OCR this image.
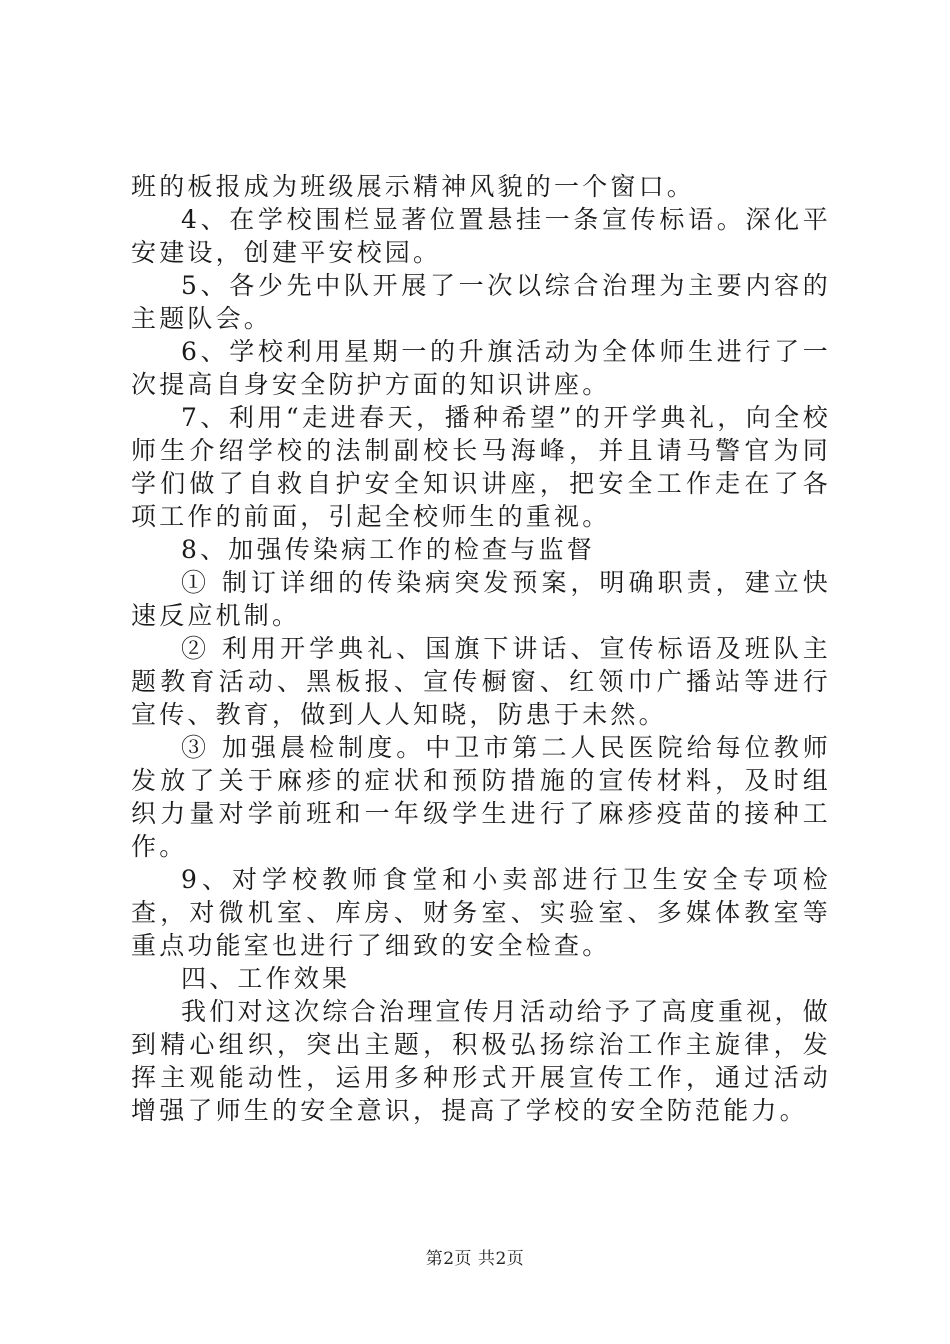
班的板报成为班级展示精神风貌的一个窗口。

4、在学校围栏显著位置悬挂一条宣传标语。深化平安建设，创建平安校园。

5、各少先中队开展了一次以综合治理为主要内容的主题队会。

6、学校利用星期一的升旗活动为全体师生进行了一次提高自身安全防护方面的知识讲座。

7、利用“走进春天，播种希望”的开学典礼，向全校师生介绍学校的法制副校长马海峰，并且请马警官为同学们做了自救自护安全知识讲座，把安全工作走在了各项工作的前面，引起全校师生的重视。

8、加强传染病工作的检查与监督

① 制订详细的传染病突发预案，明确职责，建立快速反应机制。

② 利用开学典礼、国旗下讲话、宣传标语及班队主题教育活动、黑板报、宣传橱窗、红领巾广播站等进行宣传、教育，做到人人知晓，防患于未然。

③ 加强晨检制度。中卫市第二人民医院给每位教师发放了关于麻疹的症状和预防措施的宣传材料，及时组织力量对学前班和一年级学生进行了麻疹疫苗的接种工作。

9、对学校教师食堂和小卖部进行卫生安全专项检查，对微机室、库房、财务室、实验室、多媒体教室等重点功能室也进行了细致的安全检查。

四、工作效果

我们对这次综合治理宣传月活动给予了高度重视，做到精心组织，突出主题，积极弘扬综治工作主旋律，发挥主观能动性，运用多种形式开展宣传工作，通过活动增强了师生的安全意识，提高了学校的安全防范能力。

第2页 共2页
